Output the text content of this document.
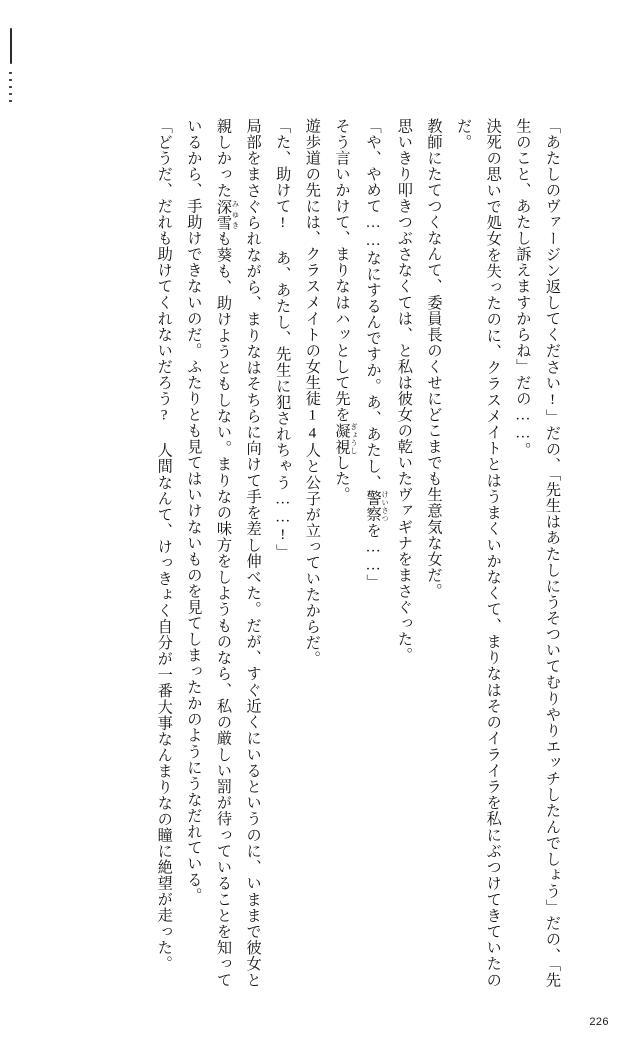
「あたしのヴァージン返してください!」だの、「先生はあたしにうそついてむりやりエッチしたんでしょう」だの、「先生のこと、あたし訴えますからね」だの……。

決死の思いで処女を失ったのに、クラスメイトとはうまくいかなくて、まりなはそのイライラを私にぶつけてきていたのだ。

教師にたてつくなんて、委員長のくせにどこまでも生意気な女だ。

思いきり叩きつぶさなくては、と私は彼女の乾いたヴァギナをまさぐった。

「や、やめて……なにするんですか。あ、あたし、警察 けいさつを……」

そう言いかけて、まりなはハッとして先を凝視 ぎょうしした。

遊歩道の先には、クラスメイトの女生徒14人と公子が立っていたからだ。

「た、助けて! あ、あたし、先生に犯されちゃう……!」

局部をまさぐられながら、まりなはそちらに向けて手を差し伸べた。だが、すぐ近くにいるというのに、いままで彼女と親しかった深雪 みゆきも葵も、助けようともしない。まりなの味方をしようものなら、私の厳しい罰が待っていることを知っているから、手助けできないのだ。ふたりとも見てはいけないものを見てしまったかのようにうなだれている。

「どうだ、だれも助けてくれないだろう? 人間なんて、けっきょく自分が一番大事なんまりなの瞳に絶望が走った。

226
